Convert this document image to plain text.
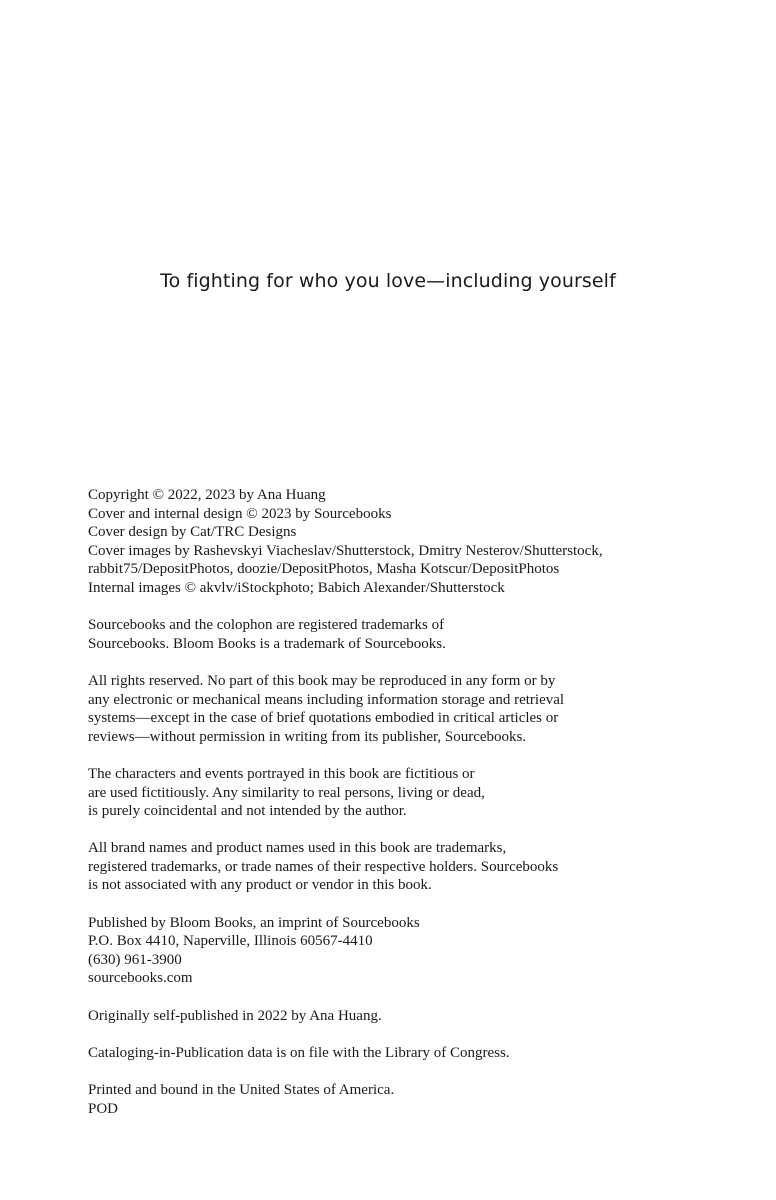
To fighting for who you love—including yourself

Copyright © 2022, 2023 by Ana Huang
Cover and internal design © 2023 by Sourcebooks
Cover design by Cat/TRC Designs
Cover images by Rashevskyi Viacheslav/Shutterstock, Dmitry Nesterov/Shutterstock,
rabbit75/DepositPhotos, doozie/DepositPhotos, Masha Kotscur/DepositPhotos
Internal images © akvlv/iStockphoto; Babich Alexander/Shutterstock
Sourcebooks and the colophon are registered trademarks of
Sourcebooks. Bloom Books is a trademark of Sourcebooks.
All rights reserved. No part of this book may be reproduced in any form or by
any electronic or mechanical means including information storage and retrieval
systems—except in the case of brief quotations embodied in critical articles or
reviews—without permission in writing from its publisher, Sourcebooks.
The characters and events portrayed in this book are fictitious or
are used fictitiously. Any similarity to real persons, living or dead,
is purely coincidental and not intended by the author.
All brand names and product names used in this book are trademarks,
registered trademarks, or trade names of their respective holders. Sourcebooks
is not associated with any product or vendor in this book.
Published by Bloom Books, an imprint of Sourcebooks
P.O. Box 4410, Naperville, Illinois 60567-4410
(630) 961-3900
sourcebooks.com
Originally self-published in 2022 by Ana Huang.
Cataloging-in-Publication data is on file with the Library of Congress.
Printed and bound in the United States of America.
POD
